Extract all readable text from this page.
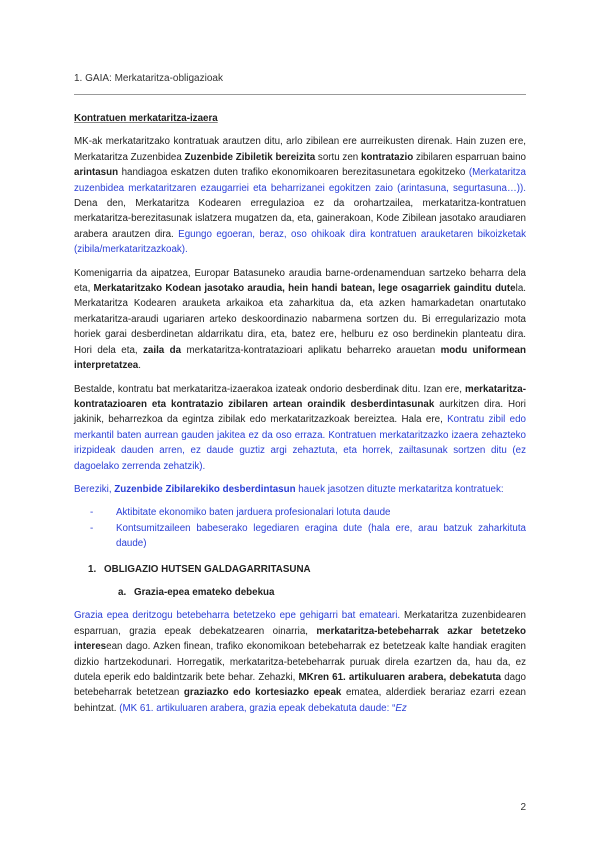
1. GAIA: Merkataritza-obligazioak
Kontratuen merkataritza-izaera

MK-ak merkataritzako kontratuak arautzen ditu, arlo zibilean ere aurreikusten direnak. Hain zuzen ere, Merkataritza Zuzenbidea Zuzenbide Zibiletik bereizita sortu zen kontratazio zibilaren esparruan baino arintasun handiagoa eskatzen duten trafiko ekonomikoaren berezitasunetara egokitzeko (Merkataritza zuzenbidea merkataritzaren ezaugarriei eta beharrizanei egokitzen zaio (arintasuna, segurtasuna…)). Dena den, Merkataritza Kodearen erregulazioa ez da orohartzailea, merkataritza-kontratuen merkataritza-berezitasunak islatzera mugatzen da, eta, gainerakoan, Kode Zibilean jasotako araudiaren arabera arautzen dira. Egungo egoeran, beraz, oso ohikoak dira kontratuen arauketaren bikoizketak (zibila/merkataritzazkoak).

Komenigarria da aipatzea, Europar Batasuneko araudia barne-ordenamenduan sartzeko beharra dela eta, Merkataritzako Kodean jasotako araudia, hein handi batean, lege osagarriek gainditu dutela. Merkataritza Kodearen arauketa arkaikoa eta zaharkitua da, eta azken hamarkadetan onartutako merkataritza-araudi ugariaren arteko deskoordinazio nabarmena sortzen du. Bi erregularizazio mota horiek garai desberdinetan aldarrikatu dira, eta, batez ere, helburu ez oso berdinekin planteatu dira. Hori dela eta, zaila da merkataritza-kontratazioari aplikatu beharreko arauetan modu uniformean interpretatzea.

Bestalde, kontratu bat merkataritza-izaerakoa izateak ondorio desberdinak ditu. Izan ere, merkataritza-kontratazioaren eta kontratazio zibilaren artean oraindik desberdintasunak aurkitzen dira. Hori jakinik, beharrezkoa da egintza zibilak edo merkataritzazkoak bereiztea. Hala ere, Kontratu zibil edo merkantil baten aurrean gauden jakitea ez da oso erraza. Kontratuen merkataritzazko izaera zehazteko irizpideak dauden arren, ez daude guztiz argi zehaztuta, eta horrek, zailtasunak sortzen ditu (ez dagoelako zerrenda zehatzik).

Bereziki, Zuzenbide Zibilarekiko desberdintasun hauek jasotzen dituzte merkataritza kontratuek:

- Aktibitate ekonomiko baten jarduera profesionalari lotuta daude
- Kontsumitzaileen babeserako legediaren eragina dute (hala ere, arau batzuk zaharkituta daude)
1. OBLIGAZIO HUTSEN GALDAGARRITASUNA
a. Grazia-epea emateko debekua

Grazia epea deritzogu betebeharra betetzeko epe gehigarri bat emateari. Merkataritza zuzenbidearen esparruan, grazia epeak debekatzearen oinarria, merkataritza-betebeharrak azkar betetzeko interesean dago. Azken finean, trafiko ekonomikoan betebeharrak ez betetzeak kalte handiak eragiten dizkio hartzekodunari. Horregatik, merkataritza-betebeharrak puruak direla ezartzen da, hau da, ez dutela eperik edo baldintzarik bete behar. Zehazki, MKren 61. artikuluaren arabera, debekatuta dago betebeharrak betetzean graziazko edo kortesiazko epeak ematea, alderdiek berariaz ezarri ezean behintzat. (MK 61. artikuluaren arabera, grazia epeak debekatuta daude: “Ez

2
